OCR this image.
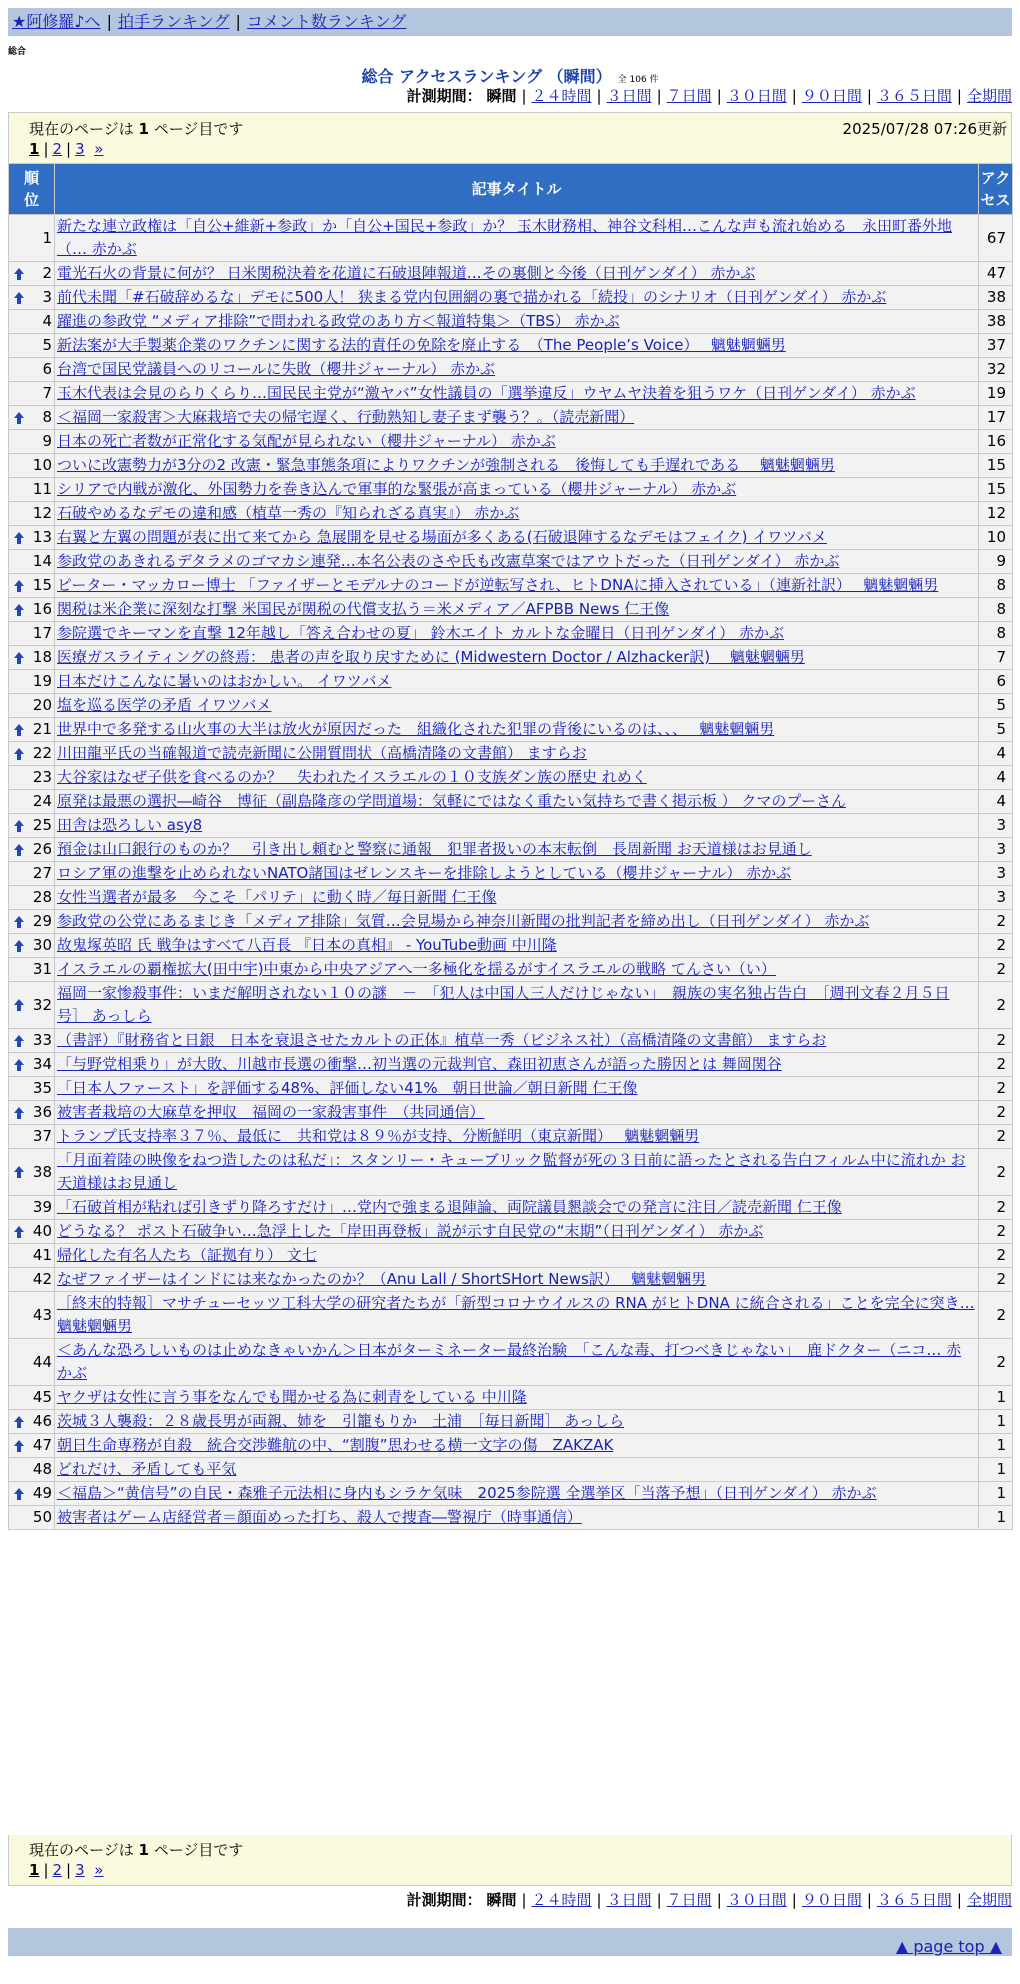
★阿修羅♪へ | 拍手ランキング | コメント数ランキング
総合
総合 アクセスランキング （瞬間） 全 106 件
計測期間： 瞬間 | ２４時間 | ３日間 | ７日間 | ３０日間 | ９０日間 | ３６５日間 | 全期間
現在のページは 1 ページ目です	2025/07/28 07:26更新
1 | 2 | 3 »
順位	記事タイトル	アクセス
1	新たな連立政権は「自公+維新+参政」か「自公+国民+参政」か？ 玉木財務相、神谷文科相…こんな声も流れ始める　永田町番外地（… 赤かぶ	67

2	電光石火の背景に何が？ 日米関税決着を花道に石破退陣報道…その裏側と今後（日刊ゲンダイ） 赤かぶ	47

3	前代未聞「#石破辞めるな」デモに500人！ 狭まる党内包囲網の裏で描かれる「続投」のシナリオ（日刊ゲンダイ） 赤かぶ	38
4	躍進の参政党 “メディア排除”で問われる政党のあり方＜報道特集＞（TBS） 赤かぶ	38
5	新法案が大手製薬企業のワクチンに関する法的責任の免除を廃止する　（The People’s Voice）　 魑魅魍魎男	37
6	台湾で国民党議員へのリコールに失敗（櫻井ジャーナル） 赤かぶ	32
7	玉木代表は会見のらりくらり…国民民主党が“激ヤバ”女性議員の「選挙違反」ウヤムヤ決着を狙うワケ（日刊ゲンダイ） 赤かぶ	19

8	＜福岡一家殺害＞大麻栽培で夫の帰宅遅く、行動熟知し妻子まず襲う？。（読売新聞）	17
9	日本の死亡者数が正常化する気配が見られない（櫻井ジャーナル） 赤かぶ	16
10	ついに改憲勢力が3分の2 改憲・緊急事態条項によりワクチンが強制される　後悔しても手遅れである　 魑魅魍魎男	15
11	シリアで内戦が激化、外国勢力を巻き込んで軍事的な緊張が高まっている（櫻井ジャーナル） 赤かぶ	15
12	石破やめるなデモの違和感（植草一秀の『知られざる真実』） 赤かぶ	12

13	右翼と左翼の問題が表に出て来てから 急展開を見せる場面が多くある(石破退陣するなデモはフェイク) イワツバメ	10
14	参政党のあきれるデタラメのゴマカシ連発…本名公表のさや氏も改憲草案ではアウトだった（日刊ゲンダイ） 赤かぶ	9

15	ピーター・マッカロー博士 「ファイザーとモデルナのコードが逆転写され、ヒトDNAに挿入されている」（連新社訳）　 魑魅魍魎男	8

16	関税は米企業に深刻な打撃 米国民が関税の代償支払う＝米メディア／AFPBB News 仁王像	8
17	参院選でキーマンを直撃 12年越し「答え合わせの夏」 鈴木エイト カルトな金曜日（日刊ゲンダイ） 赤かぶ	8

18	医療ガスライティングの終焉： 患者の声を取り戻すために (Midwestern Doctor / Alzhacker訳)　 魑魅魍魎男	7
19	日本だけこんなに暑いのはおかしい。 イワツバメ	6
20	塩を巡る医学の矛盾 イワツバメ	5

21	世界中で多発する山火事の大半は放火が原因だった　組織化された犯罪の背後にいるのは、、、　 魑魅魍魎男	5

22	川田龍平氏の当確報道で読売新聞に公開質問状（高橋清隆の文書館） ますらお	4
23	大谷家はなぜ子供を食べるのか？　失われたイスラエルの１０支族ダン族の歴史 れめく	4
24	原発は最悪の選択―崎谷　博征（副島隆彦の学問道場：気軽にではなく重たい気持ちで書く掲示板 ） クマのプーさん	4

25	田舎は恐ろしい asy8	3

26	預金は山口銀行のものか？　引き出し頼むと警察に通報　犯罪者扱いの本末転倒　長周新聞 お天道様はお見通し	3
27	ロシア軍の進撃を止められないNATO諸国はゼレンスキーを排除しようとしている（櫻井ジャーナル） 赤かぶ	3
28	女性当選者が最多　今こそ「パリテ」に動く時／毎日新聞 仁王像	3

29	参政党の公党にあるまじき「メディア排除」気質…会見場から神奈川新聞の批判記者を締め出し（日刊ゲンダイ） 赤かぶ	2

30	故鬼塚英昭 氏 戦争はすべて八百長 『日本の真相』 - YouTube動画 中川隆	2
31	イスラエルの覇権拡大(田中宇)中東から中央アジアへ一多極化を揺るがすイスラエルの戦略 てんさい（い）	2

32	福岡一家惨殺事件：いまだ解明されない１０の謎　－　「犯人は中国人三人だけじゃない」　親族の実名独占告白　［週刊文春２月５日号］ あっしら	2

33	（書評）『財務省と日銀　日本を衰退させたカルトの正体』植草一秀（ビジネス社）（高橋清隆の文書館） ますらお	2

34	「与野党相乗り」が大敗、川越市長選の衝撃…初当選の元裁判官、森田初恵さんが語った勝因とは 舞岡関谷	2
35	「日本人ファースト」を評価する48%、評価しない41%　朝日世論／朝日新聞 仁王像	2

36	被害者栽培の大麻草を押収　福岡の一家殺害事件　（共同通信）	2
37	トランプ氏支持率３７％、最低に　共和党は８９％が支持、分断鮮明（東京新聞）　 魑魅魍魎男	2

38	「月面着陸の映像をねつ造したのは私だ」：スタンリー・キューブリック監督が死の３日前に語ったとされる告白フィルム中に流れか お天道様はお見通し	2
39	「石破首相が粘れば引きずり降ろすだけ」…党内で強まる退陣論、両院議員懇談会での発言に注目／読売新聞 仁王像	2

40	どうなる？ ポスト石破争い…急浮上した「岸田再登板」説が示す自民党の“末期”（日刊ゲンダイ） 赤かぶ	2
41	帰化した有名人たち（証拠有り） 文七	2
42	なぜファイザーはインドには来なかったのか？（Anu Lall / ShortSHort News訳）　 魑魅魍魎男	2
43	［終末的特報］マサチューセッツ工科大学の研究者たちが「新型コロナウイルスの RNA がヒトDNA に統合される」ことを完全に突き… 魑魅魍魎男	2
44	＜あんな恐ろしいものは止めなきゃいかん＞日本がターミネーター最終治験　「こんな毒、打つべきじゃない」　鹿ドクター（ニコ… 赤かぶ	2
45	ヤクザは女性に言う事をなんでも聞かせる為に刺青をしている 中川隆	1

46	茨城３人襲殺：２８歳長男が両親、姉を　引籠もりか　土浦　［毎日新聞］ あっしら	1

47	朝日生命専務が自殺　統合交渉難航の中、“割腹”思わせる横一文字の傷　ZAKZAK	1
48	どれだけ、矛盾しても平気	1

49	＜福島＞“黄信号”の自民・森雅子元法相に身内もシラケ気味　2025参院選 全選挙区「当落予想」（日刊ゲンダイ） 赤かぶ	1
50	被害者はゲーム店経営者＝顔面めった打ち、殺人で捜査―警視庁（時事通信）	1
現在のページは 1 ページ目です
1 | 2 | 3 »
計測期間： 瞬間 | ２４時間 | ３日間 | ７日間 | ３０日間 | ９０日間 | ３６５日間 | 全期間
▲ page top ▲
